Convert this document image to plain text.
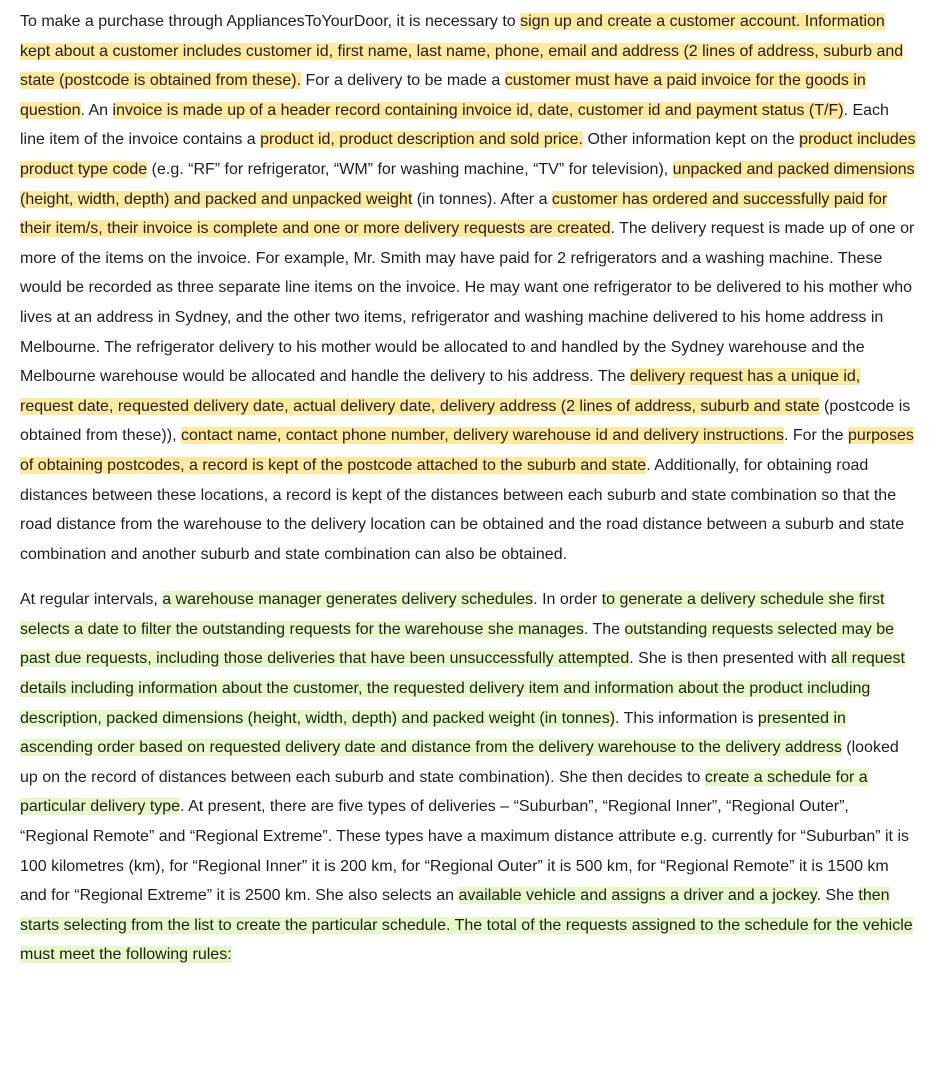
To make a purchase through AppliancesToYourDoor, it is necessary to sign up and create a customer account. Information kept about a customer includes customer id, first name, last name, phone, email and address (2 lines of address, suburb and state (postcode is obtained from these). For a delivery to be made a customer must have a paid invoice for the goods in question. An invoice is made up of a header record containing invoice id, date, customer id and payment status (T/F). Each line item of the invoice contains a product id, product description and sold price. Other information kept on the product includes product type code (e.g. “RF” for refrigerator, “WM” for washing machine, “TV” for television), unpacked and packed dimensions (height, width, depth) and packed and unpacked weight (in tonnes). After a customer has ordered and successfully paid for their item/s, their invoice is complete and one or more delivery requests are created. The delivery request is made up of one or more of the items on the invoice. For example, Mr. Smith may have paid for 2 refrigerators and a washing machine. These would be recorded as three separate line items on the invoice. He may want one refrigerator to be delivered to his mother who lives at an address in Sydney, and the other two items, refrigerator and washing machine delivered to his home address in Melbourne. The refrigerator delivery to his mother would be allocated to and handled by the Sydney warehouse and the Melbourne warehouse would be allocated and handle the delivery to his address. The delivery request has a unique id, request date, requested delivery date, actual delivery date, delivery address (2 lines of address, suburb and state (postcode is obtained from these)), contact name, contact phone number, delivery warehouse id and delivery instructions. For the purposes of obtaining postcodes, a record is kept of the postcode attached to the suburb and state. Additionally, for obtaining road distances between these locations, a record is kept of the distances between each suburb and state combination so that the road distance from the warehouse to the delivery location can be obtained and the road distance between a suburb and state combination and another suburb and state combination can also be obtained.

At regular intervals, a warehouse manager generates delivery schedules. In order to generate a delivery schedule she first selects a date to filter the outstanding requests for the warehouse she manages. The outstanding requests selected may be past due requests, including those deliveries that have been unsuccessfully attempted. She is then presented with all request details including information about the customer, the requested delivery item and information about the product including description, packed dimensions (height, width, depth) and packed weight (in tonnes). This information is presented in ascending order based on requested delivery date and distance from the delivery warehouse to the delivery address (looked up on the record of distances between each suburb and state combination). She then decides to create a schedule for a particular delivery type. At present, there are five types of deliveries – “Suburban”, “Regional Inner”, “Regional Outer”, “Regional Remote” and “Regional Extreme”. These types have a maximum distance attribute e.g. currently for “Suburban” it is 100 kilometres (km), for “Regional Inner” it is 200 km, for “Regional Outer” it is 500 km, for “Regional Remote” it is 1500 km and for “Regional Extreme” it is 2500 km. She also selects an available vehicle and assigns a driver and a jockey. She then starts selecting from the list to create the particular schedule. The total of the requests assigned to the schedule for the vehicle must meet the following rules:
